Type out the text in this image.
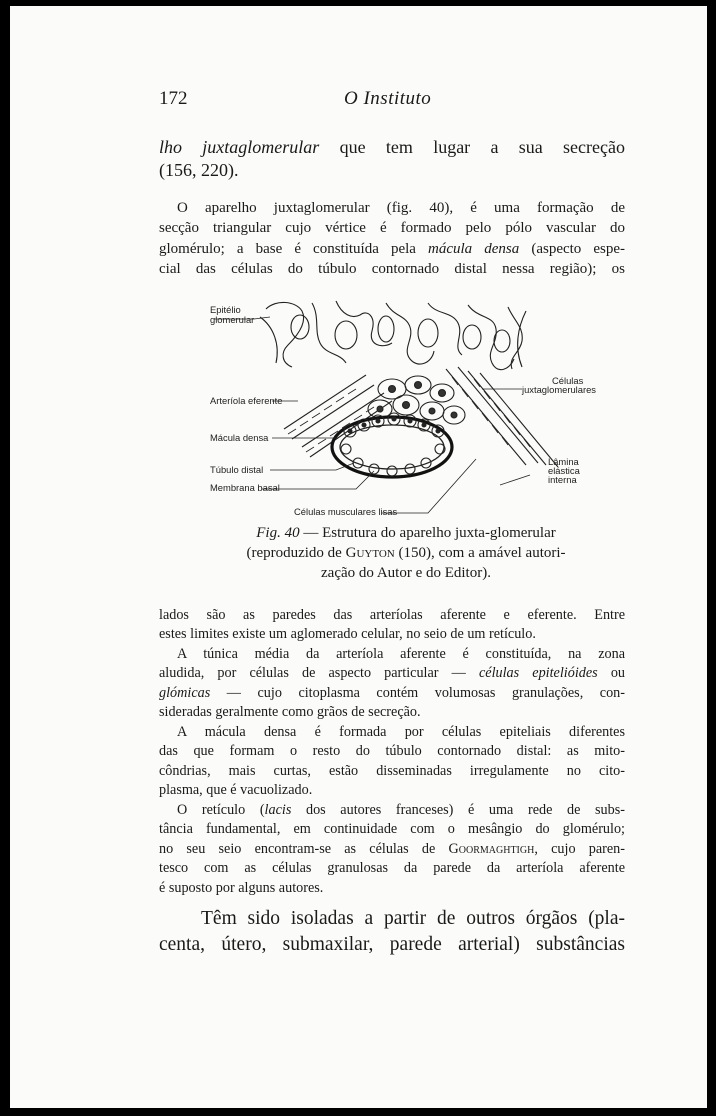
172	O Instituto
lho juxtaglomerular que tem lugar a sua secreção
(156, 220).
O aparelho juxtaglomerular (fig. 40), é uma formação de
secção triangular cujo vértice é formado pelo pólo vascular do
glomérulo; a base é constituída pela mácula densa (aspecto espe-
cial das células do túbulo contornado distal nessa região); os
Epitélio
glomerular
Arteríola eferente
Mácula densa
Túbulo distal
Membrana basal
Células musculares lisas
Células
juxtaglomerulares
Lâmina
elástica
interna
Fig. 40 — Estrutura do aparelho juxta-glomerular
(reproduzido de Guyton (150), com a amável autori-
zação do Autor e do Editor).
lados são as paredes das arteríolas aferente e eferente. Entre
estes limites existe um aglomerado celular, no seio de um retículo.
A túnica média da arteríola aferente é constituída, na zona
aludida, por células de aspecto particular — células epitelióides ou
glómicas — cujo citoplasma contém volumosas granulações, con-
sideradas geralmente como grãos de secreção.
A mácula densa é formada por células epiteliais diferentes
das que formam o resto do túbulo contornado distal: as mito-
côndrias, mais curtas, estão disseminadas irregulamente no cito-
plasma, que é vacuolizado.
O retículo (lacis dos autores franceses) é uma rede de subs-
tância fundamental, em continuidade com o mesângio do glomérulo;
no seu seio encontram-se as células de Goormaghtigh, cujo paren-
tesco com as células granulosas da parede da arteríola aferente
é suposto por alguns autores.
Têm sido isoladas a partir de outros órgãos (pla-
centa, útero, submaxilar, parede arterial) substâncias
